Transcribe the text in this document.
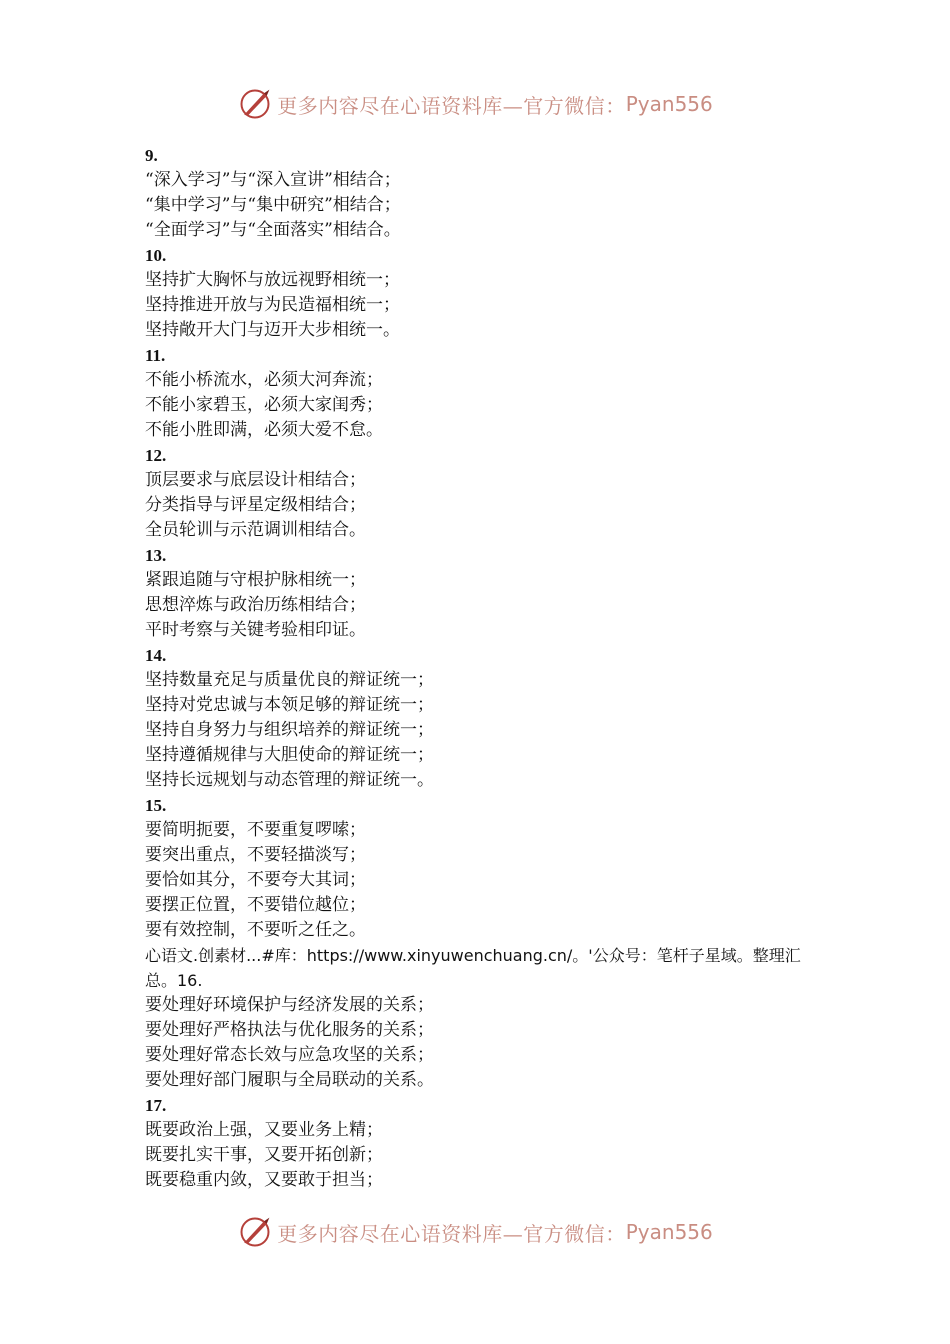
更多内容尽在心语资料库—官方微信： Pyan556
9.
“深入学习”与“深入宣讲”相结合；
“集中学习”与“集中研究”相结合；
“全面学习”与“全面落实”相结合。
10.
坚持扩大胸怀与放远视野相统一；
坚持推进开放与为民造福相统一；
坚持敞开大门与迈开大步相统一。
11.
不能小桥流水，必须大河奔流；
不能小家碧玉，必须大家闺秀；
不能小胜即满，必须大爱不怠。
12.
顶层要求与底层设计相结合；
分类指导与评星定级相结合；
全员轮训与示范调训相结合。
13.
紧跟追随与守根护脉相统一；
思想淬炼与政治历练相结合；
平时考察与关键考验相印证。
14.
坚持数量充足与质量优良的辩证统一；
坚持对党忠诚与本领足够的辩证统一；
坚持自身努力与组织培养的辩证统一；
坚持遵循规律与大胆使命的辩证统一；
坚持长远规划与动态管理的辩证统一。
15.
要简明扼要，不要重复啰嗦；
要突出重点，不要轻描淡写；
要恰如其分，不要夸大其词；
要摆正位置，不要错位越位；
要有效控制，不要听之任之。
心语文.创素材...#库：https://www.xinyuwenchuang.cn/。'公众号：笔杆子星域。整理汇总。16.
要处理好环境保护与经济发展的关系；
要处理好严格执法与优化服务的关系；
要处理好常态长效与应急攻坚的关系；
要处理好部门履职与全局联动的关系。
17.
既要政治上强，又要业务上精；
既要扎实干事，又要开拓创新；
既要稳重内敛，又要敢于担当；
更多内容尽在心语资料库—官方微信： Pyan556
